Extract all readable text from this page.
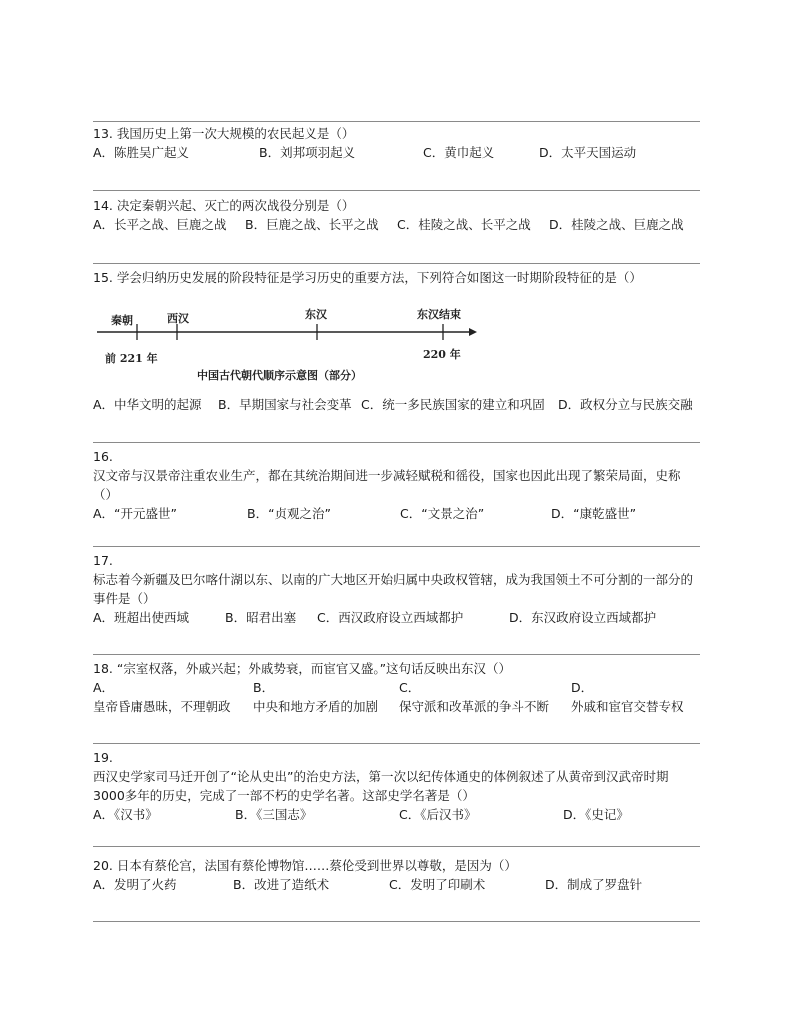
13. 我国历史上第一次大规模的农民起义是（）
A．陈胜吴广起义	B．刘邦项羽起义	C．黄巾起义	D．太平天国运动
14. 决定秦朝兴起、灭亡的两次战役分别是（）
A．长平之战、巨鹿之战 B．巨鹿之战、长平之战 C．桂陵之战、长平之战 D．桂陵之战、巨鹿之战
15. 学会归纳历史发展的阶段特征是学习历史的重要方法，下列符合如图这一时期阶段特征的是（）
秦朝	西汉	东汉	东汉结束
前 221 年	220 年
中国古代朝代顺序示意图（部分）
A．中华文明的起源 B．早期国家与社会变革 C．统一多民族国家的建立和巩固 D．政权分立与民族交融
16.
汉文帝与汉景帝注重农业生产，都在其统治期间进一步减轻赋税和徭役，国家也因此出现了繁荣局面，史称（）
A．“开元盛世”	B．“贞观之治”	C．“文景之治”	D．“康乾盛世”
17.
标志着今新疆及巴尔喀什湖以东、以南的广大地区开始归属中央政权管辖，成为我国领土不可分割的一部分的事件是（）
A．班超出使西域	B．昭君出塞 C．西汉政府设立西域都护	D．东汉政府设立西域都护
18. “宗室权落，外戚兴起；外戚势衰，而宦官又盛。”这句话反映出东汉（）
A．	B．	C．	D．
皇帝昏庸愚昧，不理朝政 中央和地方矛盾的加剧 保守派和改革派的争斗不断 外戚和宦官交替专权
19.
西汉史学家司马迁开创了“论从史出”的治史方法，第一次以纪传体通史的体例叙述了从黄帝到汉武帝时期3000多年的历史，完成了一部不朽的史学名著。这部史学名著是（）
A．《汉书》	B．《三国志》	C．《后汉书》	D．《史记》
20. 日本有蔡伦宫，法国有蔡伦博物馆……蔡伦受到世界以尊敬，是因为（）
A．发明了火药	B．改进了造纸术	C．发明了印刷术	D．制成了罗盘针
